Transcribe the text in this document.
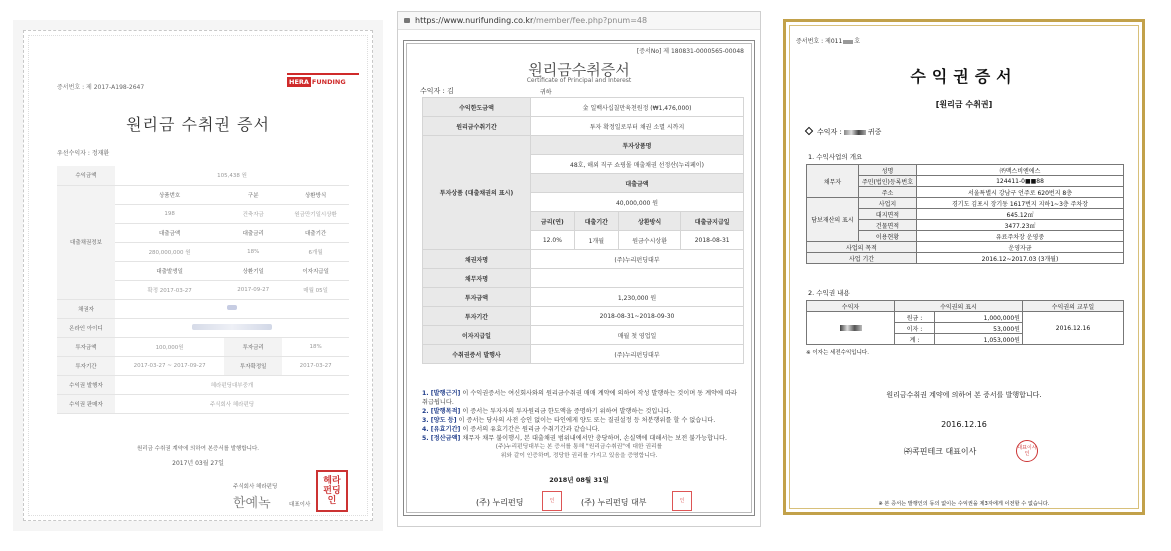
증서번호 : 제 2017-A198-2647
HERA FUNDING
원리금 수취권 증서
우선수익자 : 정재환
수익금액	105,438 원		
대출채권정보	상품번호	구분	상환방식
	198	건축자금	원금만기일시상환
	대출금액	대출금리	대출기간
	280,000,000 원	18%	6개월
	대출발생일	상환기일	이자지급일
	확정 2017-03-27	2017-09-27	매월 05일
채권자			
온라인 아이디			
투자금액	100,000원	투자금리	18%
투자기간	2017-03-27 ~ 2017-09-27	투자확정일	2017-03-27
수익권 발행자	헤라펀딩대부중개		
수익권 판매자	주식회사 헤라펀딩		
원리금 수취권 계약에 의하여 본증서를 발행합니다.
2017년 03월 27일
주식회사 헤라펀딩
한예녹	대표이사
헤라펀딩인
https://www.nurifunding.co.kr/member/fee.php?pnum=48
[증서No] 제 180831-0000565-00048
원리금수취증서
Certificate of Principal and Interest
수익자 : 김	귀하
수익한도금액	金 일백사십칠만육천원정 (₩1,476,000)			
원리금수취기간	투자 확정일로부터 채권 소멸 시까지			
투자상품 (대출채권의 표시)	투자상품명			
	48호, 해외 직구 쇼핑몰 매출채권 선정산(누리페이)			
	대출금액			
	40,000,000 원			
	금리(연)	대출기간	상환방식	대출금지급일
	12.0%	1개월	원금수시상환	2018-08-31
채권자명	(주)누리펀딩대부			
채무자명				
투자금액	1,230,000 원			
투자기간	2018-08-31~2018-09-30			
이자지급일	매월 첫 영업일			
수취권증서 발행사	(주)누리펀딩대부			
1. [발행근거] 이 수익권증서는 여신회사와의 원리금수취권 매매 계약에 의하여 작성 발행하는 것이며 동 계약에 따라 취급됩니다.
2. [발행목적] 이 증서는 투자자의 투자원리금 한도액을 증명하기 위하여 발행하는 것입니다.
3. [양도 등] 이 증서는 당사의 사전 승인 없이는 타인에게 양도 또는 질권설정 등 처분행위를 할 수 없습니다.
4. [유효기간] 이 증서의 유효기간은 원리금 수취기간과 같습니다.
5. [정산금액] 채무자 채무 불이행시, 본 대출채권 범위내에서만 충당하며, 손실액에 대해서는 보전 불가능합니다.
(주)누리펀딩대부는 본 증서를 통해 "원리금수취권"에 대한 권리를
위와 같이 인증하며, 정당한 권리를 가지고 있음을 증명합니다.
2018년 08월 31일
(주) 누리펀딩	인	(주) 누리펀딩 대부	인
증서번호 : 제011 호
수익권증서
[원리금 수취권]
수익자 :	귀중
1. 수익사업의 개요
채무자	성명	㈜맥스비엔에스
	주민(법인)등록번호	124411-0■■88
	주소	서울특별시 강남구 언주로 620번지 8층
담보재산의 표시	사업지	경기도 김포시 장기동 1617번지 지하1~3층 주차장
	대지면적	645.12㎡
	건물면적	3477.23㎡
	이용현황	유료주차장 운영중
사업의 목적		운영자금
사업 기간		2016.12~2017.03 (3개월)
2. 수익권 내용
수익자	수익권의 표시		수익권의 교부일
	원금 :	1,000,000원	2016.12.16
	이자 :	53,000원	
	계 :	1,053,000원	
※ 이자는 세전수익입니다.
원리금수취권 계약에 의하여 본 증서를 발행합니다.
2016.12.16
㈜콕핀테크 대표이사	대표이사인
※ 본 증서는 발행인의 동의 없이는 수익권을 제3자에게 이전할 수 없습니다.
